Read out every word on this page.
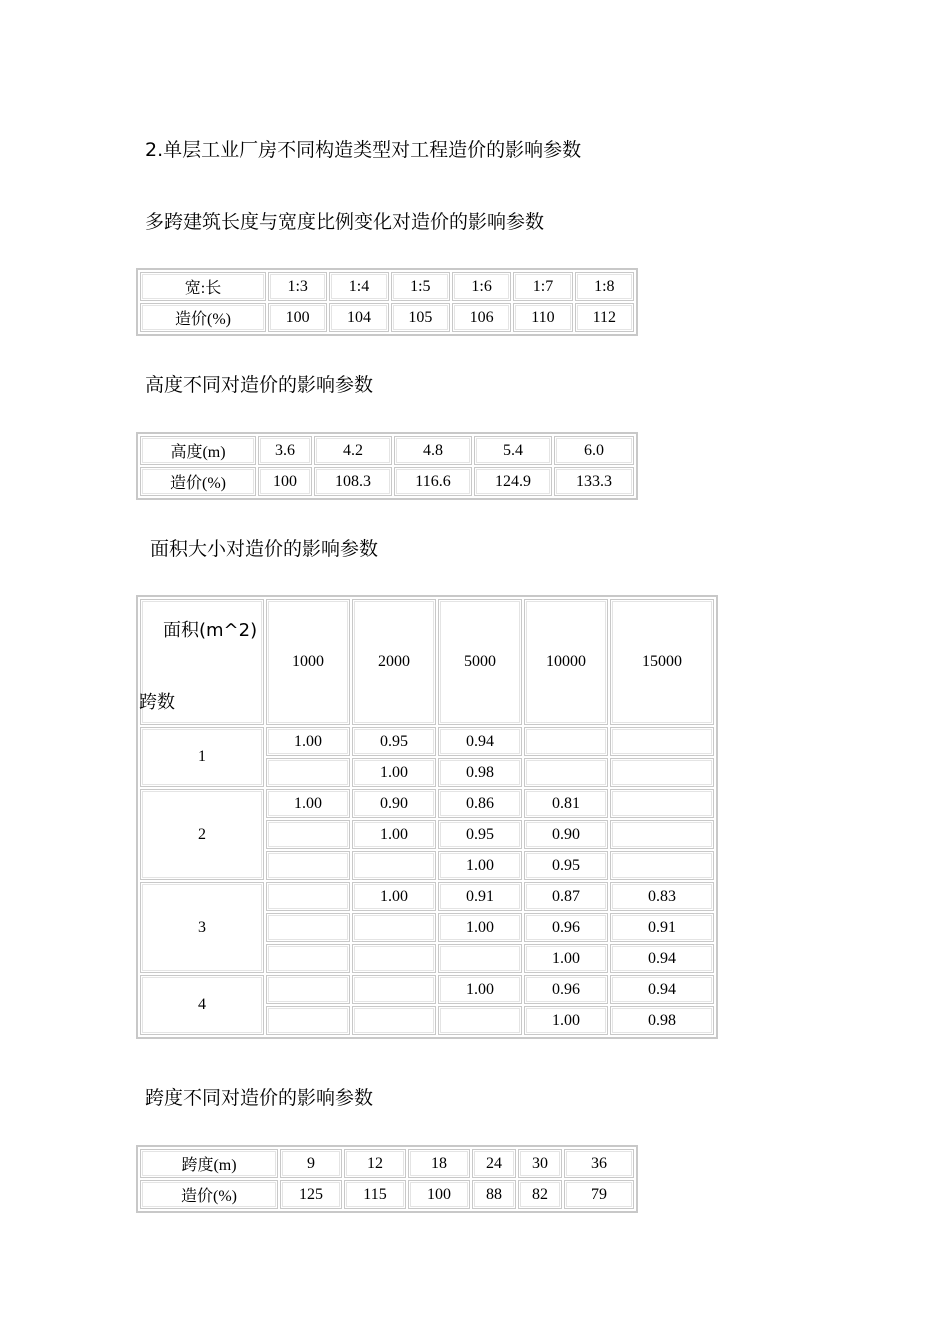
2.单层工业厂房不同构造类型对工程造价的影响参数
多跨建筑长度与宽度比例变化对造价的影响参数
宽:长	1:3	1:4	1:5	1:6	1:7	1:8
造价(%)	100	104	105	106	110	112
高度不同对造价的影响参数
高度(m)	3.6	4.2	4.8	5.4	6.0
造价(%)	100	108.3	116.6	124.9	133.3
面积大小对造价的影响参数
面积(m^2)
跨数	1000	2000	5000	10000	15000
1	1.00	0.95	0.94		
		1.00	0.98		
2	1.00	0.90	0.86	0.81	
		1.00	0.95	0.90	
			1.00	0.95	
3		1.00	0.91	0.87	0.83
			1.00	0.96	0.91
				1.00	0.94
4			1.00	0.96	0.94
				1.00	0.98
跨度不同对造价的影响参数
跨度(m)	9	12	18	24	30	36
造价(%)	125	115	100	88	82	79
